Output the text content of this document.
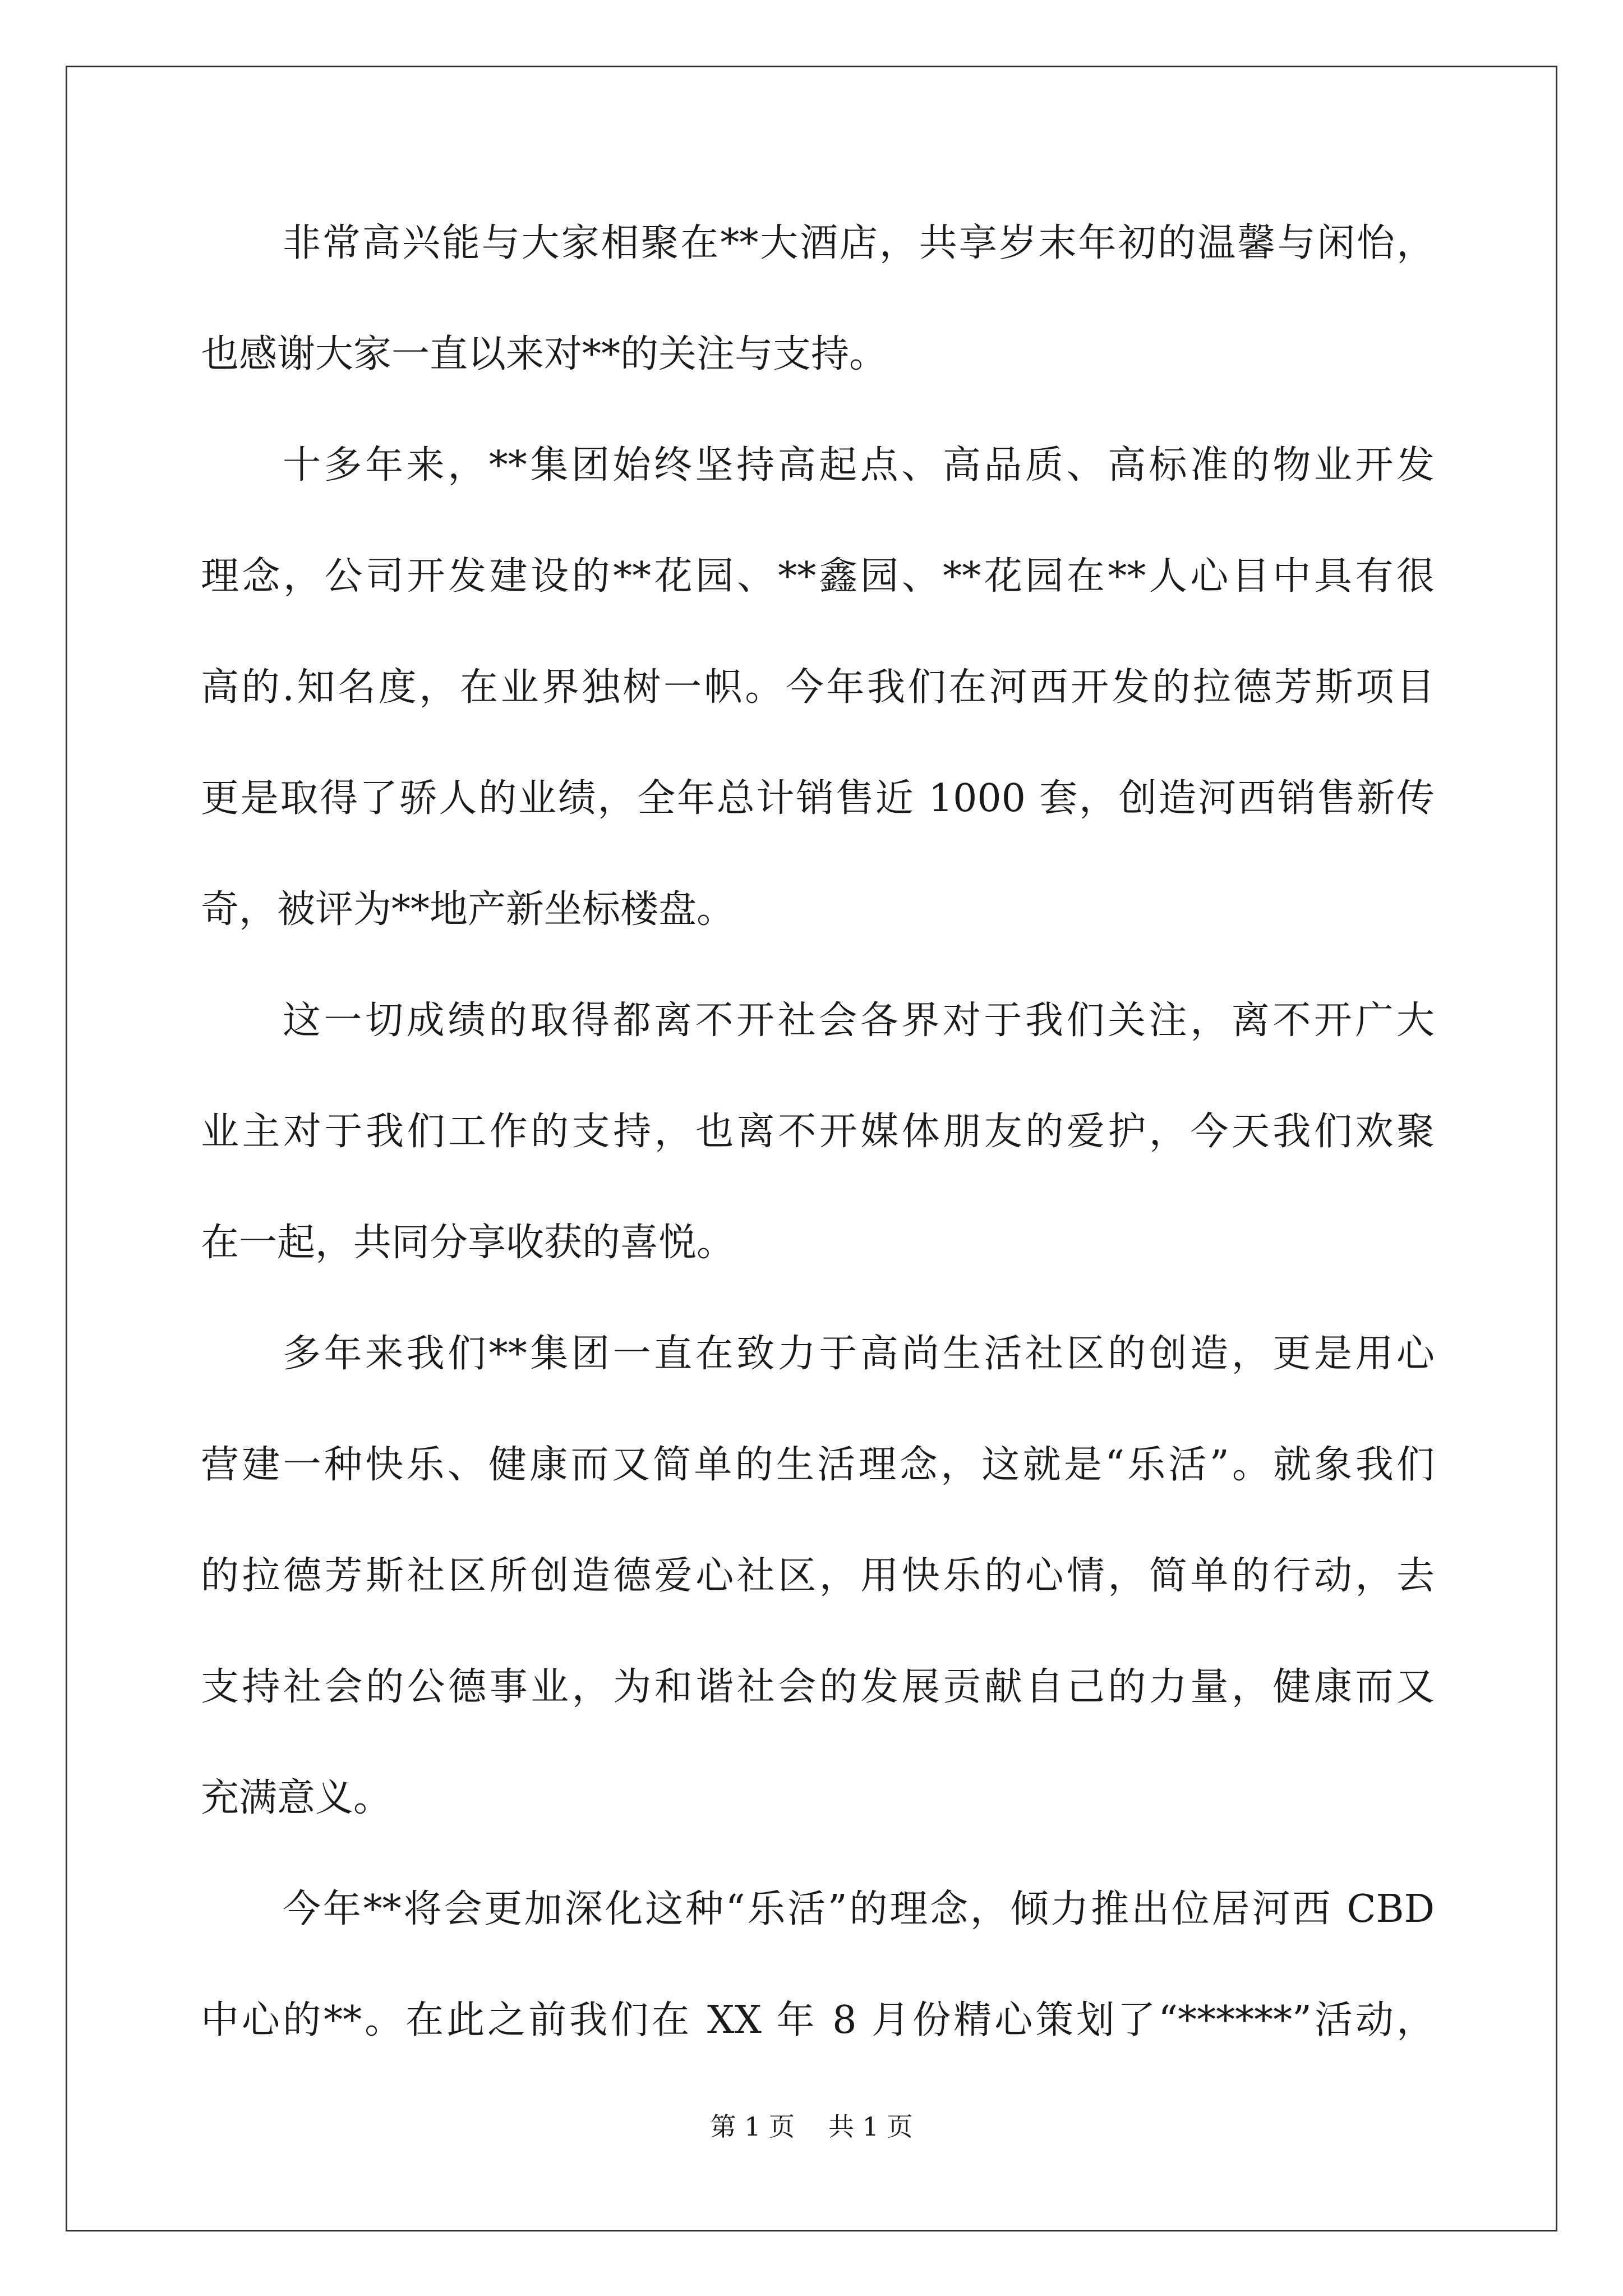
非常高兴能与大家相聚在**大酒店，共享岁末年初的温馨与闲怡，
也感谢大家一直以来对**的关注与支持。
十多年来，**集团始终坚持高起点、高品质、高标准的物业开发
理念，公司开发建设的**花园、**鑫园、**花园在**人心目中具有很
高的.知名度，在业界独树一帜。今年我们在河西开发的拉德芳斯项目
更是取得了骄人的业绩，全年总计销售近 1000 套，创造河西销售新传
奇，被评为**地产新坐标楼盘。
这一切成绩的取得都离不开社会各界对于我们关注，离不开广大
业主对于我们工作的支持，也离不开媒体朋友的爱护，今天我们欢聚
在一起，共同分享收获的喜悦。
多年来我们**集团一直在致力于高尚生活社区的创造，更是用心
营建一种快乐、健康而又简单的生活理念，这就是“乐活”。就象我们
的拉德芳斯社区所创造德爱心社区，用快乐的心情，简单的行动，去
支持社会的公德事业，为和谐社会的发展贡献自己的力量，健康而又
充满意义。
今年**将会更加深化这种“乐活”的理念，倾力推出位居河西 CBD
中心的**。在此之前我们在 XX 年 8 月份精心策划了“******”活动，
第 1 页 共 1 页
